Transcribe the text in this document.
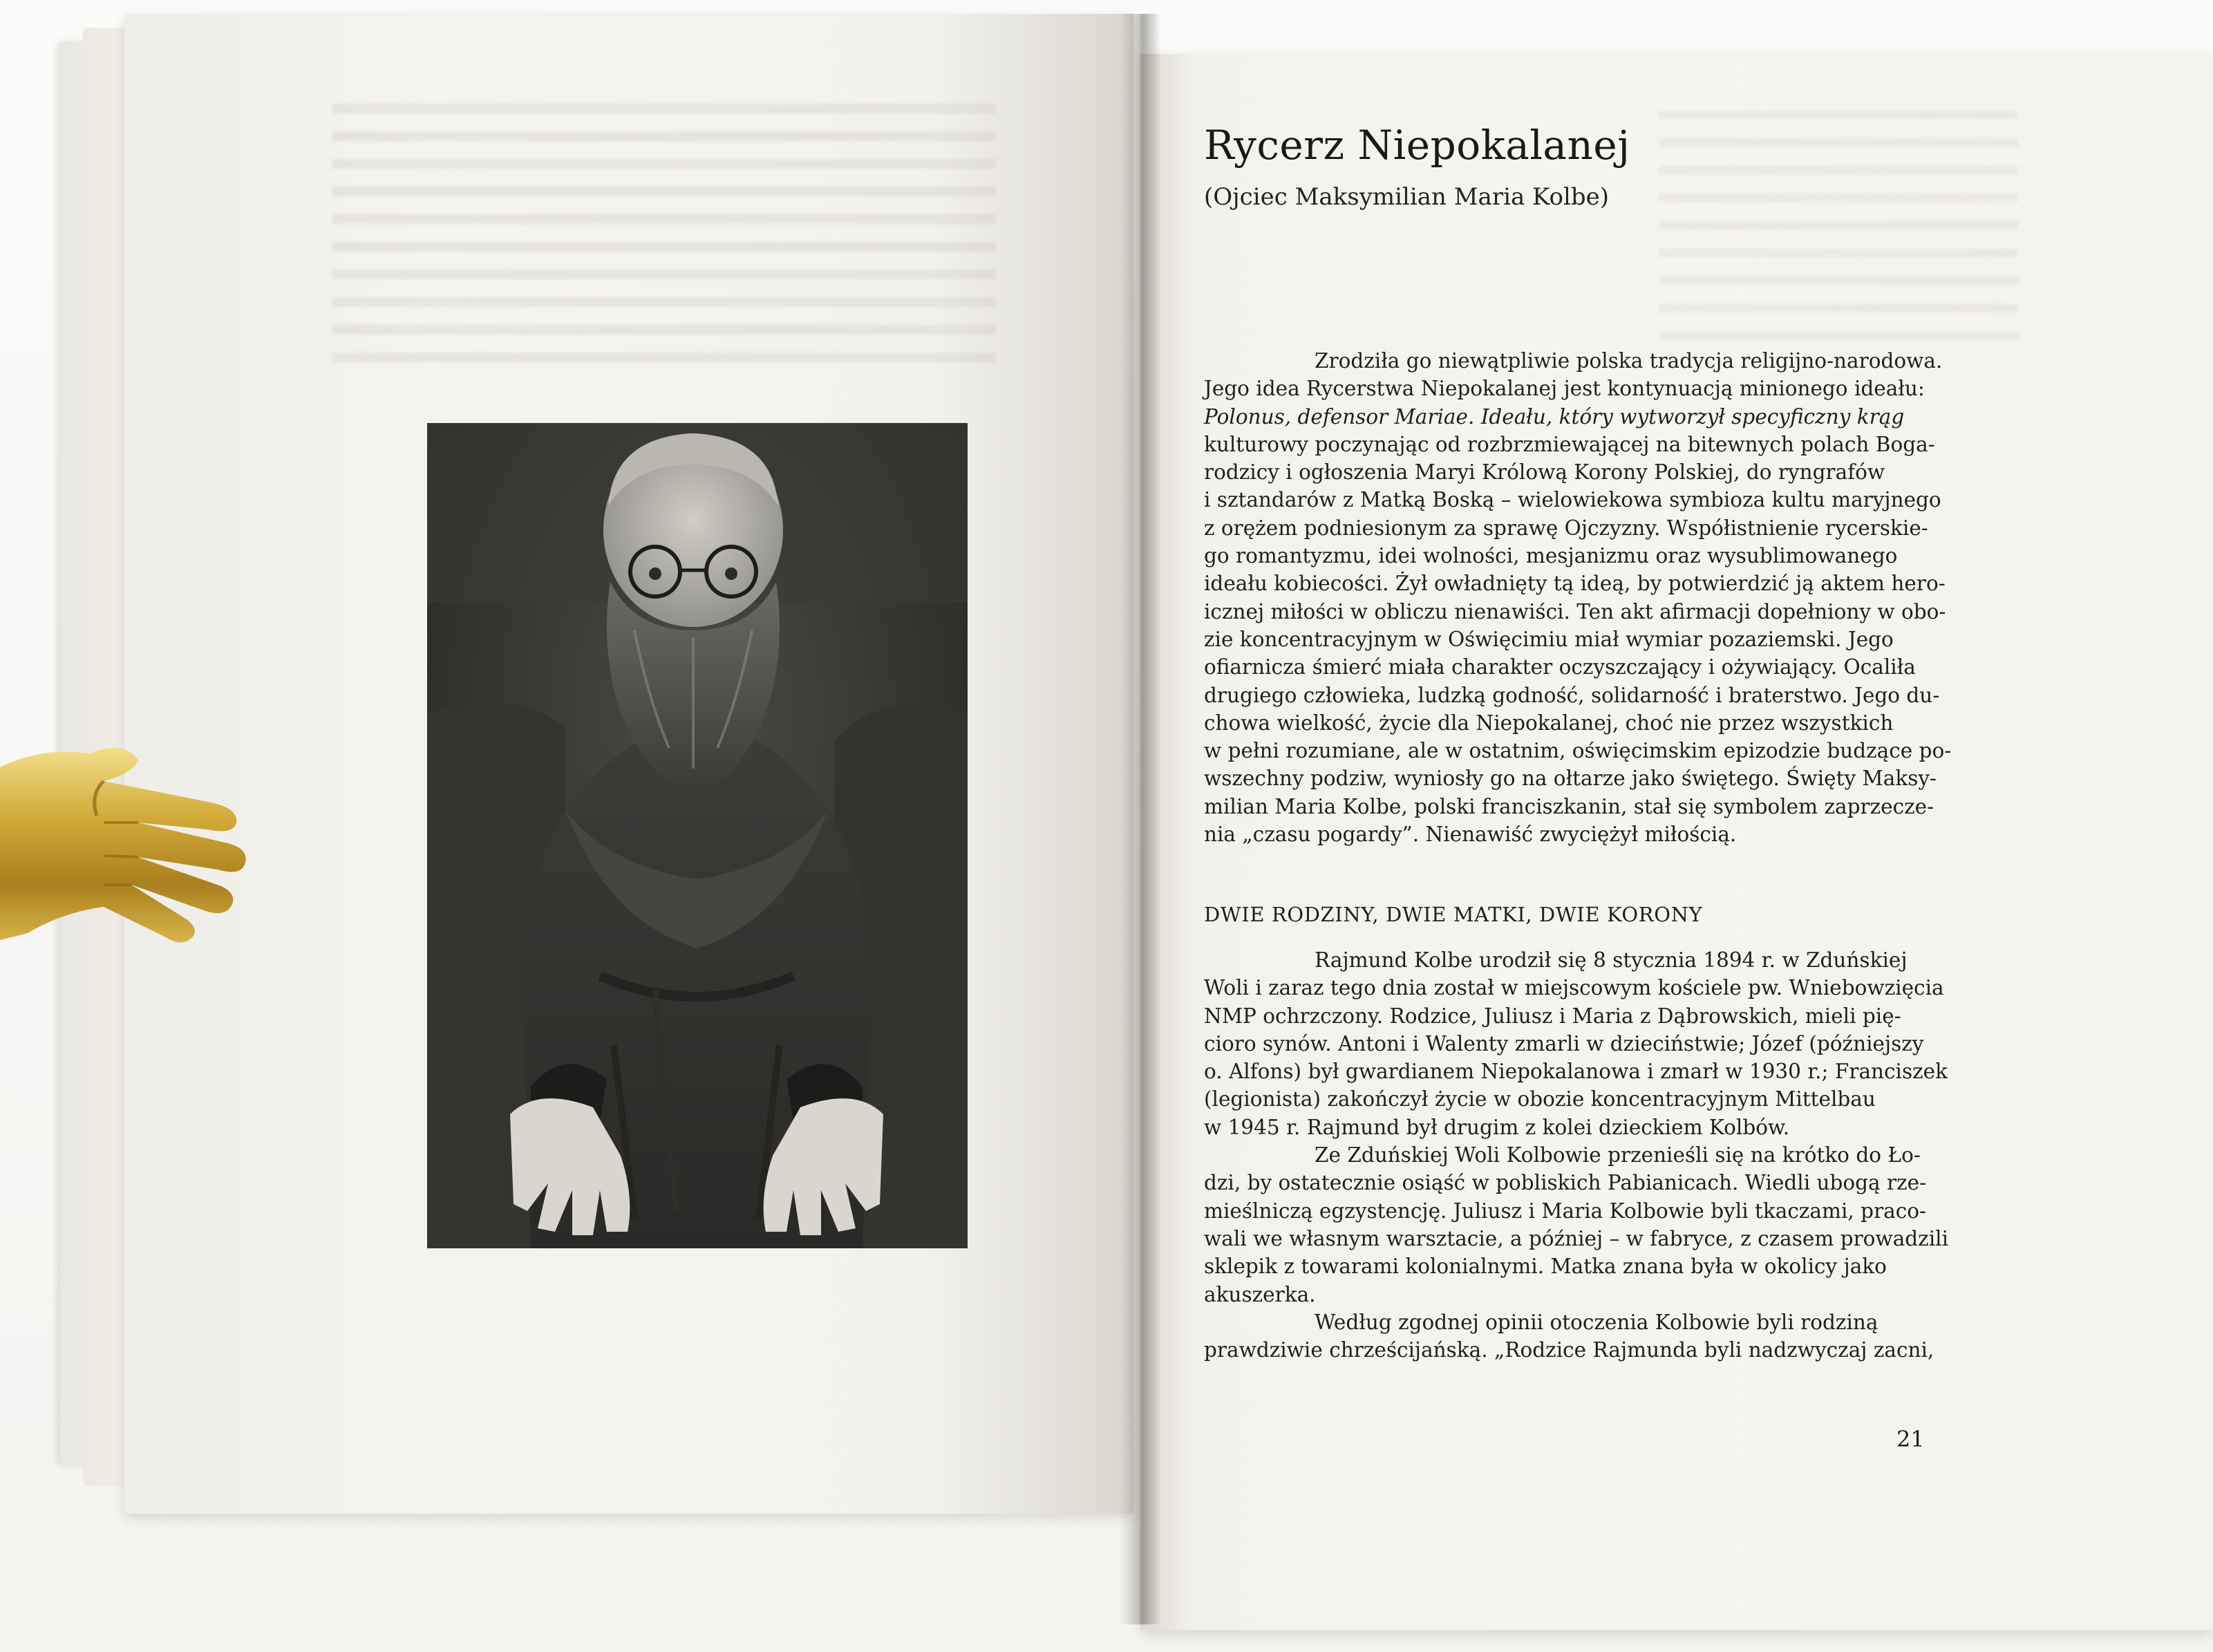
Rycerz Niepokalanej

(Ojciec Maksymilian Maria Kolbe)

Zrodziła go niewątpliwie polska tradycja religijno-narodowa.
Jego idea Rycerstwa Niepokalanej jest kontynuacją minionego ideału:
Polonus, defensor Mariae. Ideału, który wytworzył specyficzny krąg
kulturowy poczynając od rozbrzmiewającej na bitewnych polach Boga-
rodzicy i ogłoszenia Maryi Królową Korony Polskiej, do ryngrafów
i sztandarów z Matką Boską – wielowiekowa symbioza kultu maryjnego
z orężem podniesionym za sprawę Ojczyzny. Współistnienie rycerskie-
go romantyzmu, idei wolności, mesjanizmu oraz wysublimowanego
ideału kobiecości. Żył owładnięty tą ideą, by potwierdzić ją aktem hero-
icznej miłości w obliczu nienawiści. Ten akt afirmacji dopełniony w obo-
zie koncentracyjnym w Oświęcimiu miał wymiar pozaziemski. Jego
ofiarnicza śmierć miała charakter oczyszczający i ożywiający. Ocaliła
drugiego człowieka, ludzką godność, solidarność i braterstwo. Jego du-
chowa wielkość, życie dla Niepokalanej, choć nie przez wszystkich
w pełni rozumiane, ale w ostatnim, oświęcimskim epizodzie budzące po-
wszechny podziw, wyniosły go na ołtarze jako świętego. Święty Maksy-
milian Maria Kolbe, polski franciszkanin, stał się symbolem zaprzecze-
nia „czasu pogardy”. Nienawiść zwyciężył miłością.
DWIE RODZINY, DWIE MATKI, DWIE KORONY
Rajmund Kolbe urodził się 8 stycznia 1894 r. w Zduńskiej
Woli i zaraz tego dnia został w miejscowym kościele pw. Wniebowzięcia
NMP ochrzczony. Rodzice, Juliusz i Maria z Dąbrowskich, mieli pię-
cioro synów. Antoni i Walenty zmarli w dzieciństwie; Józef (późniejszy
o. Alfons) był gwardianem Niepokalanowa i zmarł w 1930 r.; Franciszek
(legionista) zakończył życie w obozie koncentracyjnym Mittelbau
w 1945 r. Rajmund był drugim z kolei dzieckiem Kolbów.
Ze Zduńskiej Woli Kolbowie przenieśli się na krótko do Ło-
dzi, by ostatecznie osiąść w pobliskich Pabianicach. Wiedli ubogą rze-
mieślniczą egzystencję. Juliusz i Maria Kolbowie byli tkaczami, praco-
wali we własnym warsztacie, a później – w fabryce, z czasem prowadzili
sklepik z towarami kolonialnymi. Matka znana była w okolicy jako
akuszerka.
Według zgodnej opinii otoczenia Kolbowie byli rodziną
prawdziwie chrześcijańską. „Rodzice Rajmunda byli nadzwyczaj zacni,

21
